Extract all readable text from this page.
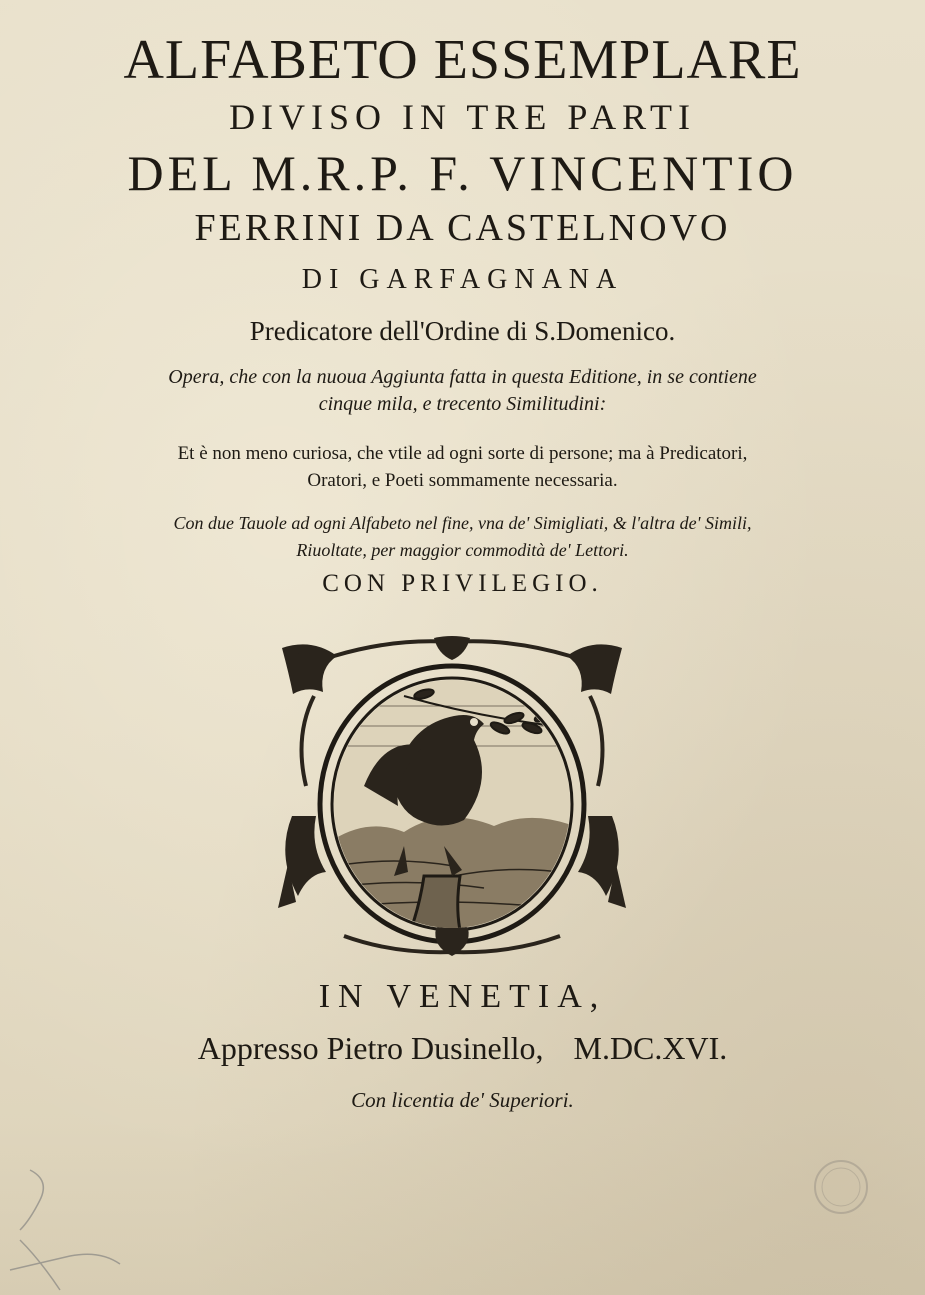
ALFABETO ESSEMPLARE
DIVISO IN TRE PARTI
DEL M.R.P. F. VINCENTIO
FERRINI DA CASTELNOVO
DI GARFAGNANA
Predicatore dell'Ordine di S.Domenico.
Opera, che con la nuoua Aggiunta fatta in questa Editione, in se contiene
cinque mila, e trecento Similitudini:
Et è non meno curiosa, che vtile ad ogni sorte di persone; ma à Predicatori,
Oratori, e Poeti sommamente necessaria.
Con due Tauole ad ogni Alfabeto nel fine, vna de' Simigliati, & l'altra de' Simili,
Riuoltate, per maggior commodità de' Lettori.
CON PRIVILEGIO.
IN VENETIA,
Appresso Pietro Dusinello, M.DC.XVI.
Con licentia de' Superiori.
